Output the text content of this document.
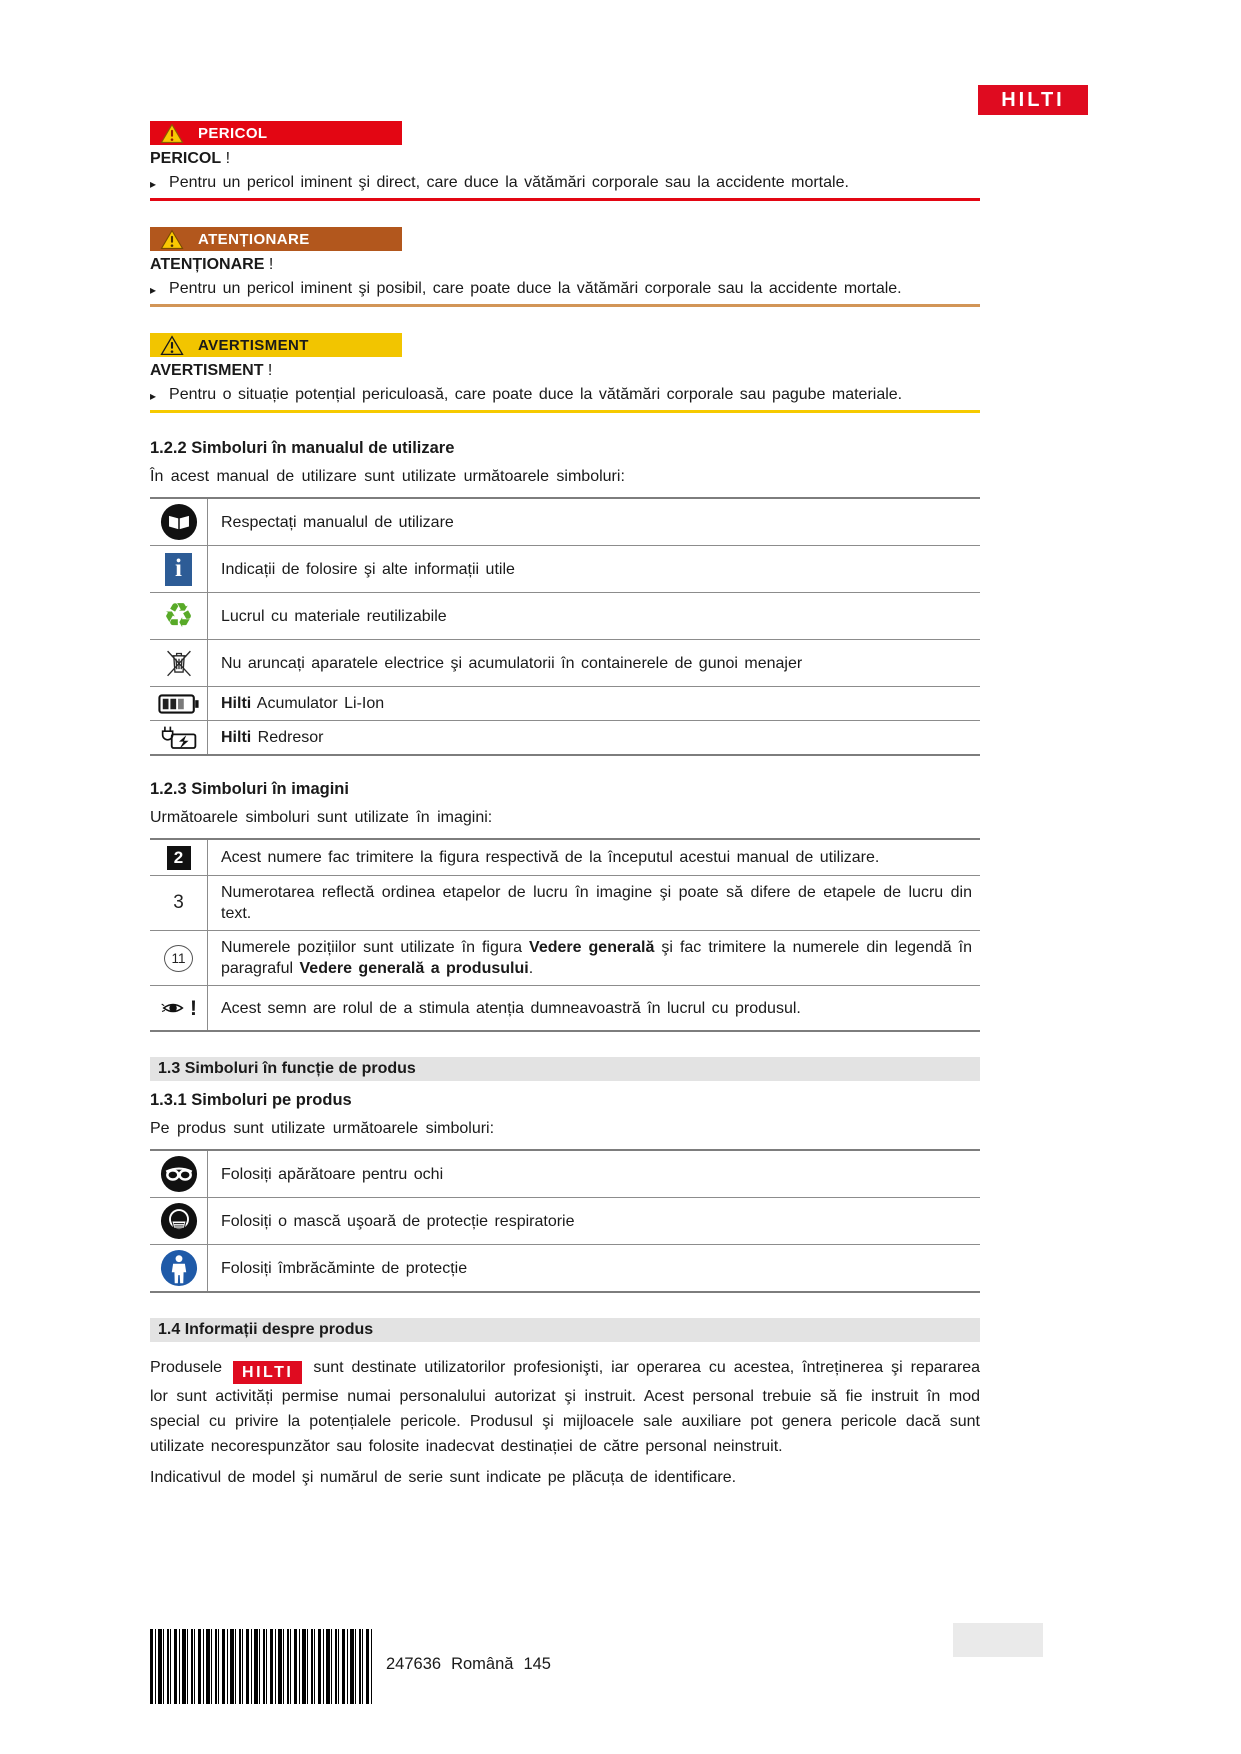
HILTI
PERICOL
PERICOL !
▸ Pentru un pericol iminent şi direct, care duce la vătămări corporale sau la accidente mortale.
ATENȚIONARE
ATENȚIONARE !
▸ Pentru un pericol iminent şi posibil, care poate duce la vătămări corporale sau la accidente mortale.
AVERTISMENT
AVERTISMENT !
▸ Pentru o situație potențial periculoasă, care poate duce la vătămări corporale sau pagube materiale.
1.2.2 Simboluri în manualul de utilizare
În acest manual de utilizare sunt utilizate următoarele simboluri:
Respectați manualul de utilizare
i	Indicații de folosire şi alte informații utile
♻ Lucrul cu materiale reutilizabile
Nu aruncați aparatele electrice şi acumulatorii în containerele de gunoi menajer
Hilti Acumulator Li-Ion
Hilti Redresor
1.2.3 Simboluri în imagini
Următoarele simboluri sunt utilizate în imagini:
2	Acest numere fac trimitere la figura respectivă de la începutul acestui manual de utilizare.
3 Numerotarea reflectă ordinea etapelor de lucru în imagine şi poate să difere de etapele de lucru din text.
11
Numerele pozițiilor sunt utilizate în figura Vedere generală şi fac trimitere la numerele din legendă în paragraful Vedere generală a produsului.
! Acest semn are rolul de a stimula atenția dumneavoastră în lucrul cu produsul.
1.3 Simboluri în funcție de produs
1.3.1 Simboluri pe produs
Pe produs sunt utilizate următoarele simboluri:
Folosiți apărătoare pentru ochi
Folosiți o mască uşoară de protecție respiratorie
Folosiți îmbrăcăminte de protecție
1.4 Informații despre produs
Produsele HILTI sunt destinate utilizatorilor profesionişti, iar operarea cu acestea, întreținerea şi repararea lor sunt activități permise numai personalului autorizat şi instruit. Acest personal trebuie să fie instruit în mod special cu privire la potențialele pericole. Produsul şi mijloacele sale auxiliare pot genera pericole dacă sunt utilizate necorespunzător sau folosite inadecvat destinației de către personal neinstruit.
Indicativul de model şi numărul de serie sunt indicate pe plăcuța de identificare.
247636 Română 145
